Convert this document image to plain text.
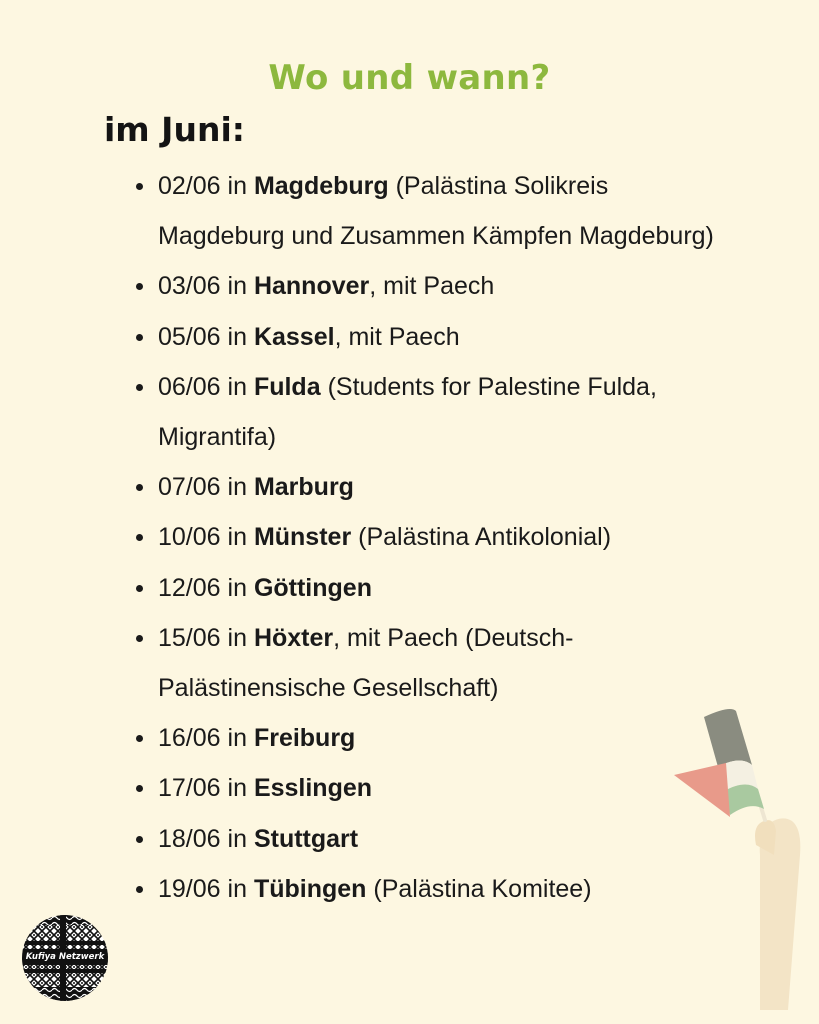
Wo und wann?
im Juni:
02/06 in Magdeburg (Palästina Solikreis Magdeburg und Zusammen Kämpfen Magdeburg)
03/06 in Hannover, mit Paech
05/06 in Kassel, mit Paech
06/06 in Fulda (Students for Palestine Fulda, Migrantifa)
07/06 in Marburg
10/06 in Münster (Palästina Antikolonial)
12/06 in Göttingen
15/06 in Höxter, mit Paech (Deutsch-Palästinensische Gesellschaft)
16/06 in Freiburg
17/06 in Esslingen
18/06 in Stuttgart
19/06 in Tübingen (Palästina Komitee)
Kufiya Netzwerk
